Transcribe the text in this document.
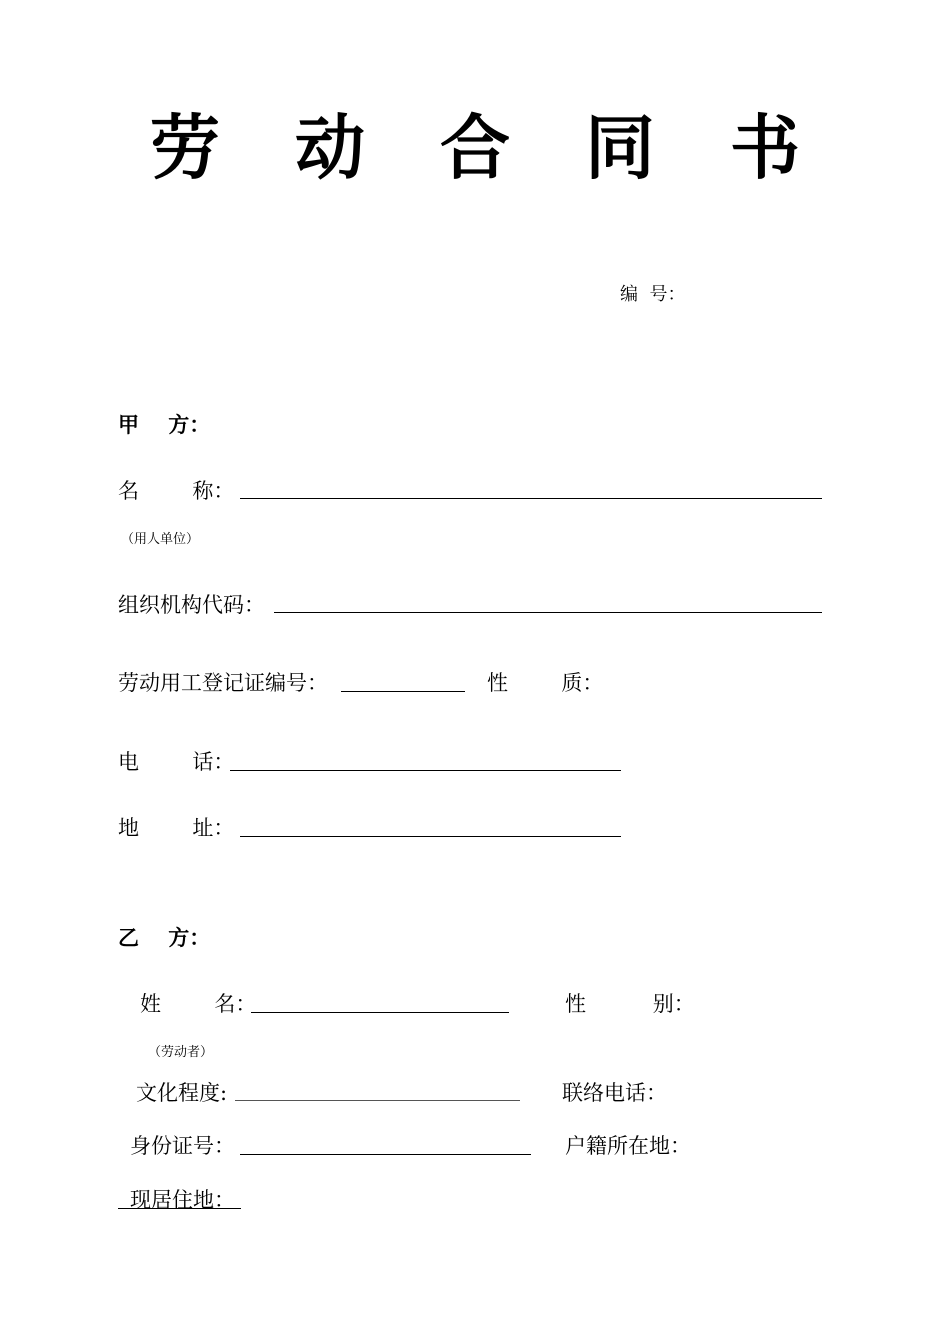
劳 动 合 同 书
编  号：
甲    方：
名        称：
（用人单位）
组织机构代码：
劳动用工登记证编号：	性        质：
电        话：
地        址：
乙    方：
姓        名：	性          别：
（劳动者）
文化程度:	联络电话：
身份证号：	户籍所在地：
现居住地：
